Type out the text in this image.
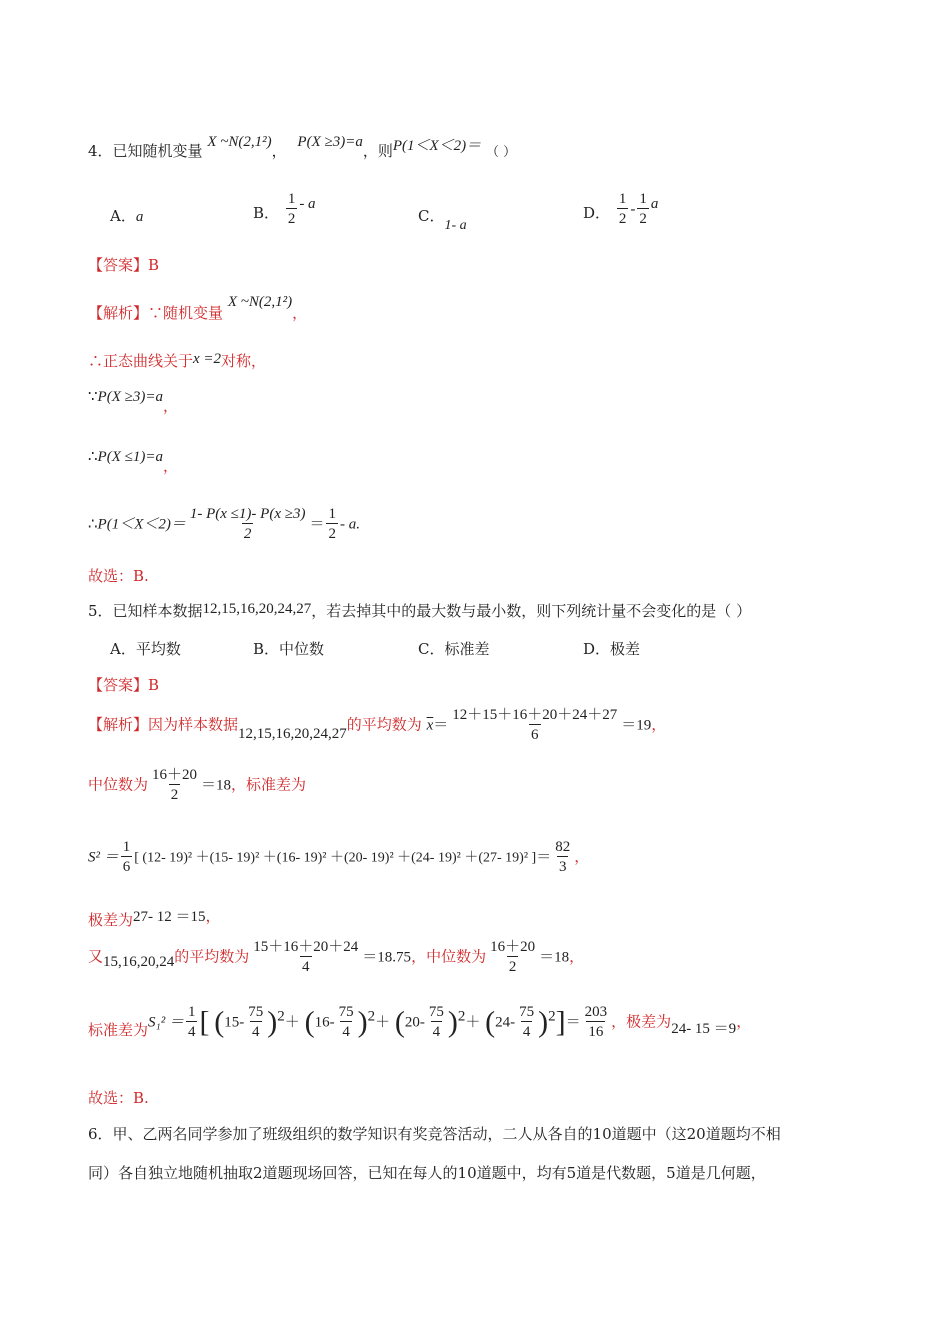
4．已知随机变量 X ~N(2,1²)， P(X ≥3)=a，则P(1＜X＜2)＝ （ ）
A．a	B． $\frac{1}{2}$ - a
C．1- a
D． $\frac{1}{2} - \frac{1}{2}$ a
【答案】B
【解析】∵随机变量 X ~N(2,1²)，
∴正态曲线关于x =2对称，
∵P(X ≥3)=a，
∴P(X ≤1)=a，
∴P(1＜X＜2)＝ $\frac{1- P(x \le 1)- P(x \ge 3)}{2} = \frac{1}{2} - a$.
故选：B.
5．已知样本数据12,15,16,20,24,27，若去掉其中的最大数与最小数，则下列统计量不会变化的是（ ）
A．平均数	B．中位数	C．标准差	D．极差
【答案】B
【解析】因为样本数据12,15,16,20,24,27的平均数为 $\overline{x}= \frac{12+15+16+20+24+27}{6} =19$，
中位数为 $\frac{16+20}{2} =18$，标准差为
$S^2 = \frac{1}{6}$ [ (12- 19)² ＋(15- 19)² ＋(16- 19)² ＋(20- 19)² ＋(24- 19)² ＋(27- 19)² ]＝ $\frac{82}{3}$ ，
极差为27- 12 ＝15，
又15,16,20,24的平均数为 $\frac{15+16+20+24}{4} =18.75$，中位数为 $\frac{16+20}{2} =18$，
标准差为$S_1^2 = \frac{1}{4}$ [ $(15- \frac{75}{4} )^2+ (16- \frac{75}{4} )^2+ (20- \frac{75}{4} )^2+ (24- \frac{75}{4} )^2]= \frac{203}{16}$ ，极差为24- 15 ＝9，
故选：B.
6．甲、乙两名同学参加了班级组织的数学知识有奖竞答活动，二人从各自的10道题中（这20道题均不相
同）各自独立地随机抽取2道题现场回答，已知在每人的10道题中，均有5道是代数题，5道是几何题，
